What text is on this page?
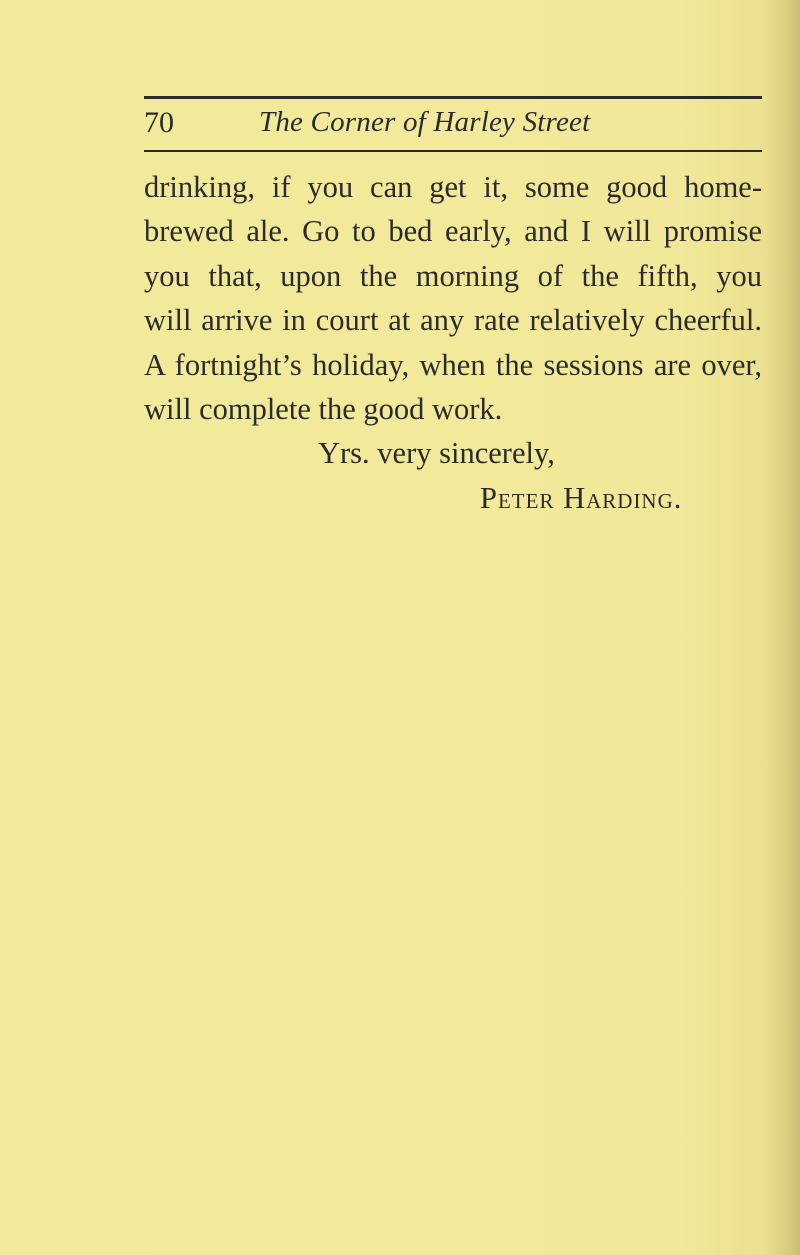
70	The Corner of Harley Street
drinking, if you can get it, some good home-
brewed ale. Go to bed early, and I will promise
you that, upon the morning of the fifth, you
will arrive in court at any rate relatively cheerful.
A fortnight’s holiday, when the sessions are over,
will complete the good work.
Yrs. very sincerely,
Peter Harding.
